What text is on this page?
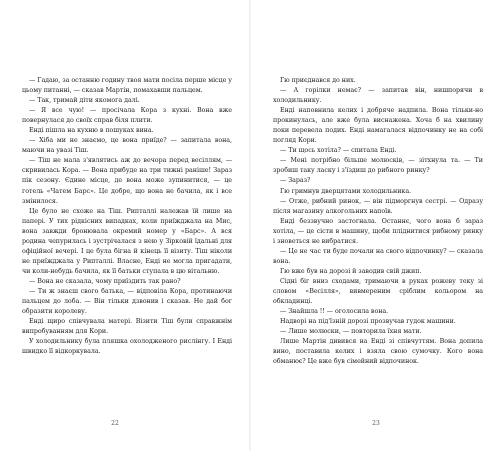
— Гадаю, за останню годину твоя мати посіла перше місце у цьому питанні, — сказав Мартін, помахавши пальцем.

— Так, тримай діти якомога далі.

— Я все чую! — просічала Кора з кухні. Вона вже повернулася до своїх справ біля плити.

Енді пішла на кухню в пошуках вина.

— Хіба ми не знаємо, це вона приїде? — запитала вона, маючи на увазі Тіш.

— Тіш не мала з'являтись аж до вечора перед весіллям, — скривилась Кора. — Вона прибуде на три тижні раніше! Зараз пік сезону. Єдине місце, де вона може зупинитися, — це готель «Чатем Барс». Це добре, що вона не бачила, як і все змінилося.

Це було не схоже на Тіш. Рипталлі належав їй лише на папері. У тих рідкісних випадках, коли приїжджала на Мис, вона завжди бронювала окремий номер у «Барс». А вся родина чепурилась і зустрічалася з нею у Зірковій їдальні для офіційної вечері. І це була бігна й кінець її візиту. Тіш ніколи не приїжджала у Рипталлі. Власне, Енді не могла пригадати, чи коли-небудь бачила, як її батьки ступала в цю вітальню.

— Вона не сказала, чому приїздить так рано?

— Ти ж знаєш свого батька, — відповіла Кора, протинаючи пальцем до лоба. — Він тільки дзвонив і сказав. Не дай бог образити королеву.

Енді щиро співчувала матері. Візити Тіш були справжнім випробуванням для Кори.

У холодильнику була пляшка охолодженого рислінгу. І Енді швидко її відкоркувала.

22

Гю приєднався до них.

— А горілки немає? — запитав він, нишпорячи в холодильнику.

Енді наповнила келих і добряче надпила. Вона тільки-но прокинулась, але вже була виснажена. Хоча б на хвилину поки перевела подих. Енді намагалася відпочинку не на собі погляд Кори.

— Ти щось хотіла? — спитала Енді.

— Мені потрібно більше молюсків, — зітхнула та. — Ти зробиш таку ласку і з'їздиш до рибного ринку?

— Зараз?

Гю гримнув дверцятами холодильника.

— Отже, рибний ринок, — він підморгнув сестрі. — Одразу після магазину алкогольних напоїв.

Енді беззвучно застогнала. Останнє, чого вона б зараз хотіла, — це сісти в машину, щоби пліднитися рибному ринку і зноветься не вибратися.

— Це не час ти буде почали на свого відпочинку? — сказала вона.

Гю вже був на дорозі й заводив свій джип.

Сідні біг вниз сходами, тримаючи в руках рожеву теку зі словом «Весілля», вивмереним сріблим кольором на обкладинці.

— Знайшла !! — оголосила вона.

Надворі на під'їзній дорозі прозвучав гудок машини.

— Лише молюски, — повторила їхня мати.

Лише Мартін дивився на Енді зі співчуттям. Вона допила вино, поставила келих і взяла свою сумочку. Кого вона обманює? Це вже був сімейний відпочинок.

23
